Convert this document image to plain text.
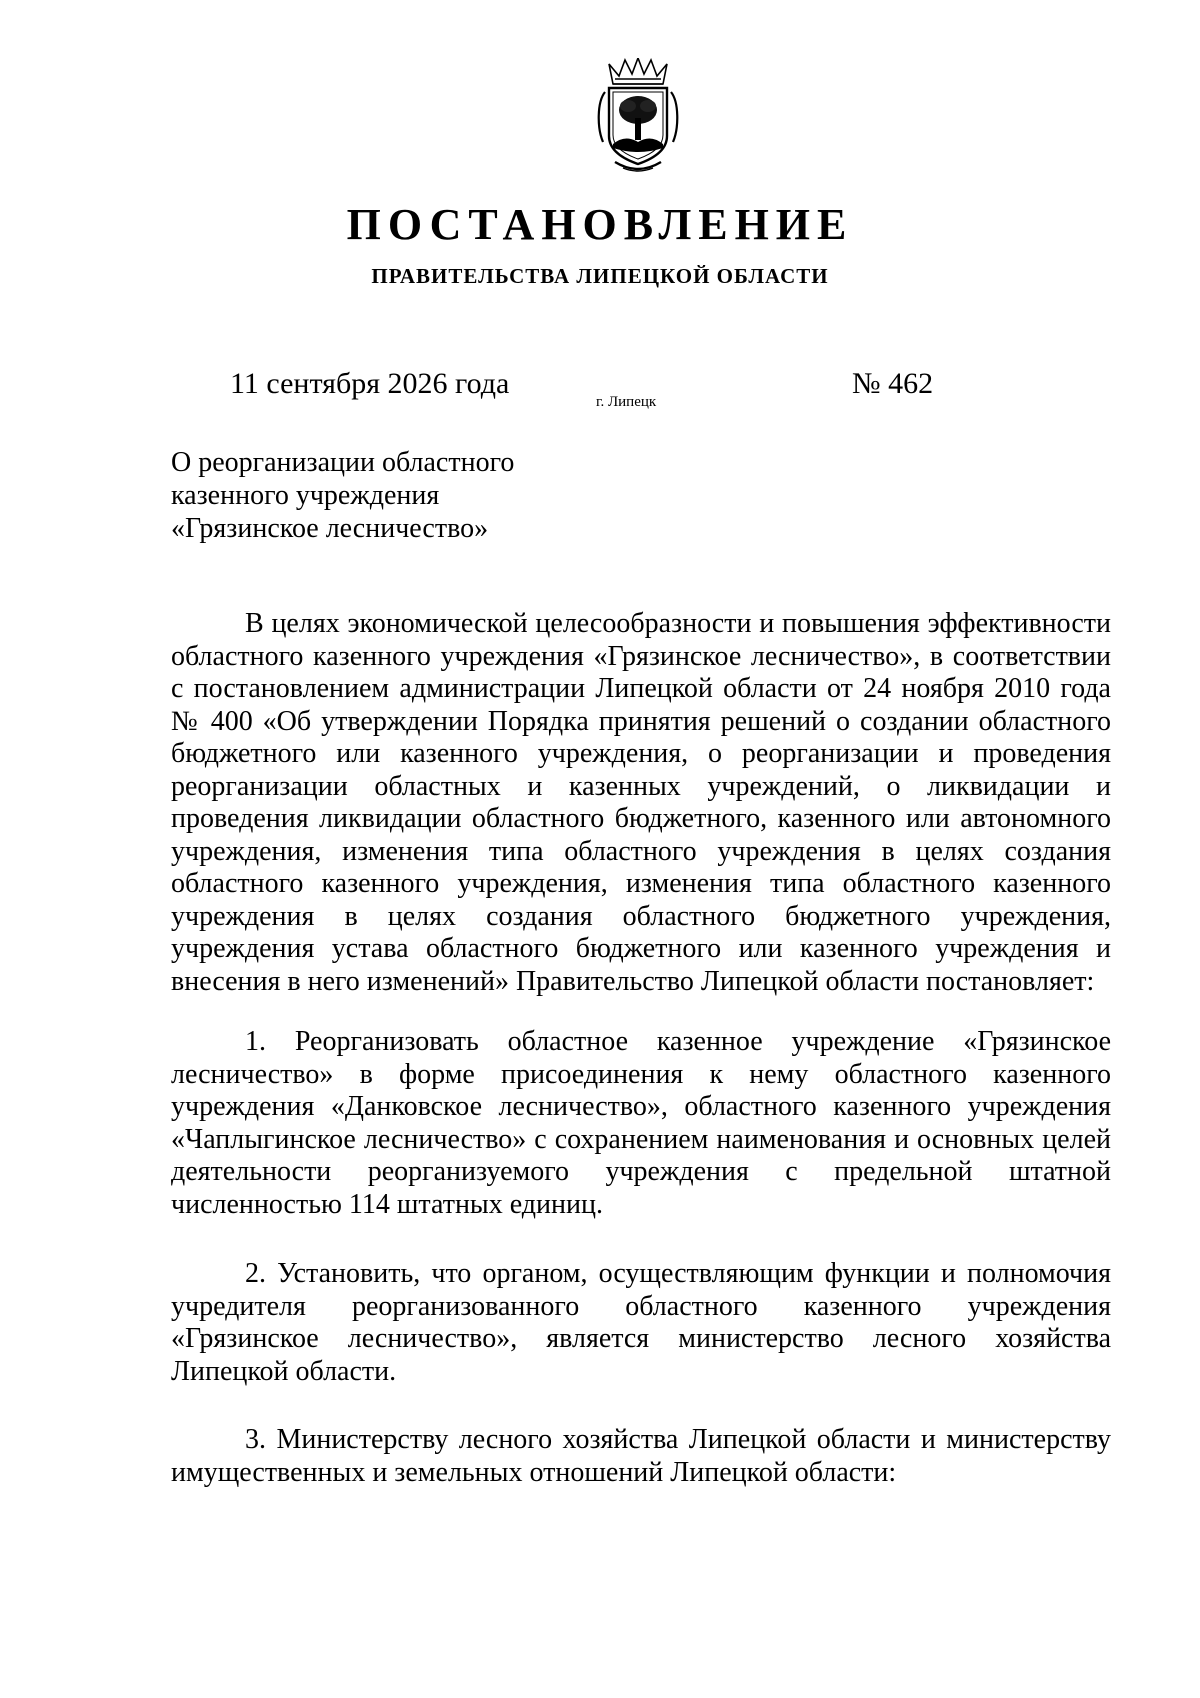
ПОСТАНОВЛЕНИЕ
ПРАВИТЕЛЬСТВА ЛИПЕЦКОЙ ОБЛАСТИ
11 сентября 2026 года
г. Липецк
№ 462
О реорганизации областного
казенного учреждения
«Грязинское лесничество»
В целях экономической целесообразности и повышения эффективности
областного казенного учреждения «Грязинское лесничество», в соответствии
с постановлением администрации Липецкой области от 24 ноября 2010 года
№ 400 «Об утверждении Порядка принятия решений о создании областного
бюджетного или казенного учреждения, о реорганизации и проведения
реорганизации областных и казенных учреждений, о ликвидации и
проведения ликвидации областного бюджетного, казенного или автономного
учреждения, изменения типа областного учреждения в целях создания
областного казенного учреждения, изменения типа областного казенного
учреждения в целях создания областного бюджетного учреждения,
учреждения устава областного бюджетного или казенного учреждения и
внесения в него изменений» Правительство Липецкой области постановляет:
1. Реорганизовать областное казенное учреждение «Грязинское
лесничество» в форме присоединения к нему областного казенного
учреждения «Данковское лесничество», областного казенного учреждения
«Чаплыгинское лесничество» с сохранением наименования и основных целей
деятельности реорганизуемого учреждения с предельной штатной
численностью 114 штатных единиц.
2. Установить, что органом, осуществляющим функции и полномочия
учредителя реорганизованного областного казенного учреждения
«Грязинское лесничество», является министерство лесного хозяйства
Липецкой области.
3. Министерству лесного хозяйства Липецкой области и министерству
имущественных и земельных отношений Липецкой области:
